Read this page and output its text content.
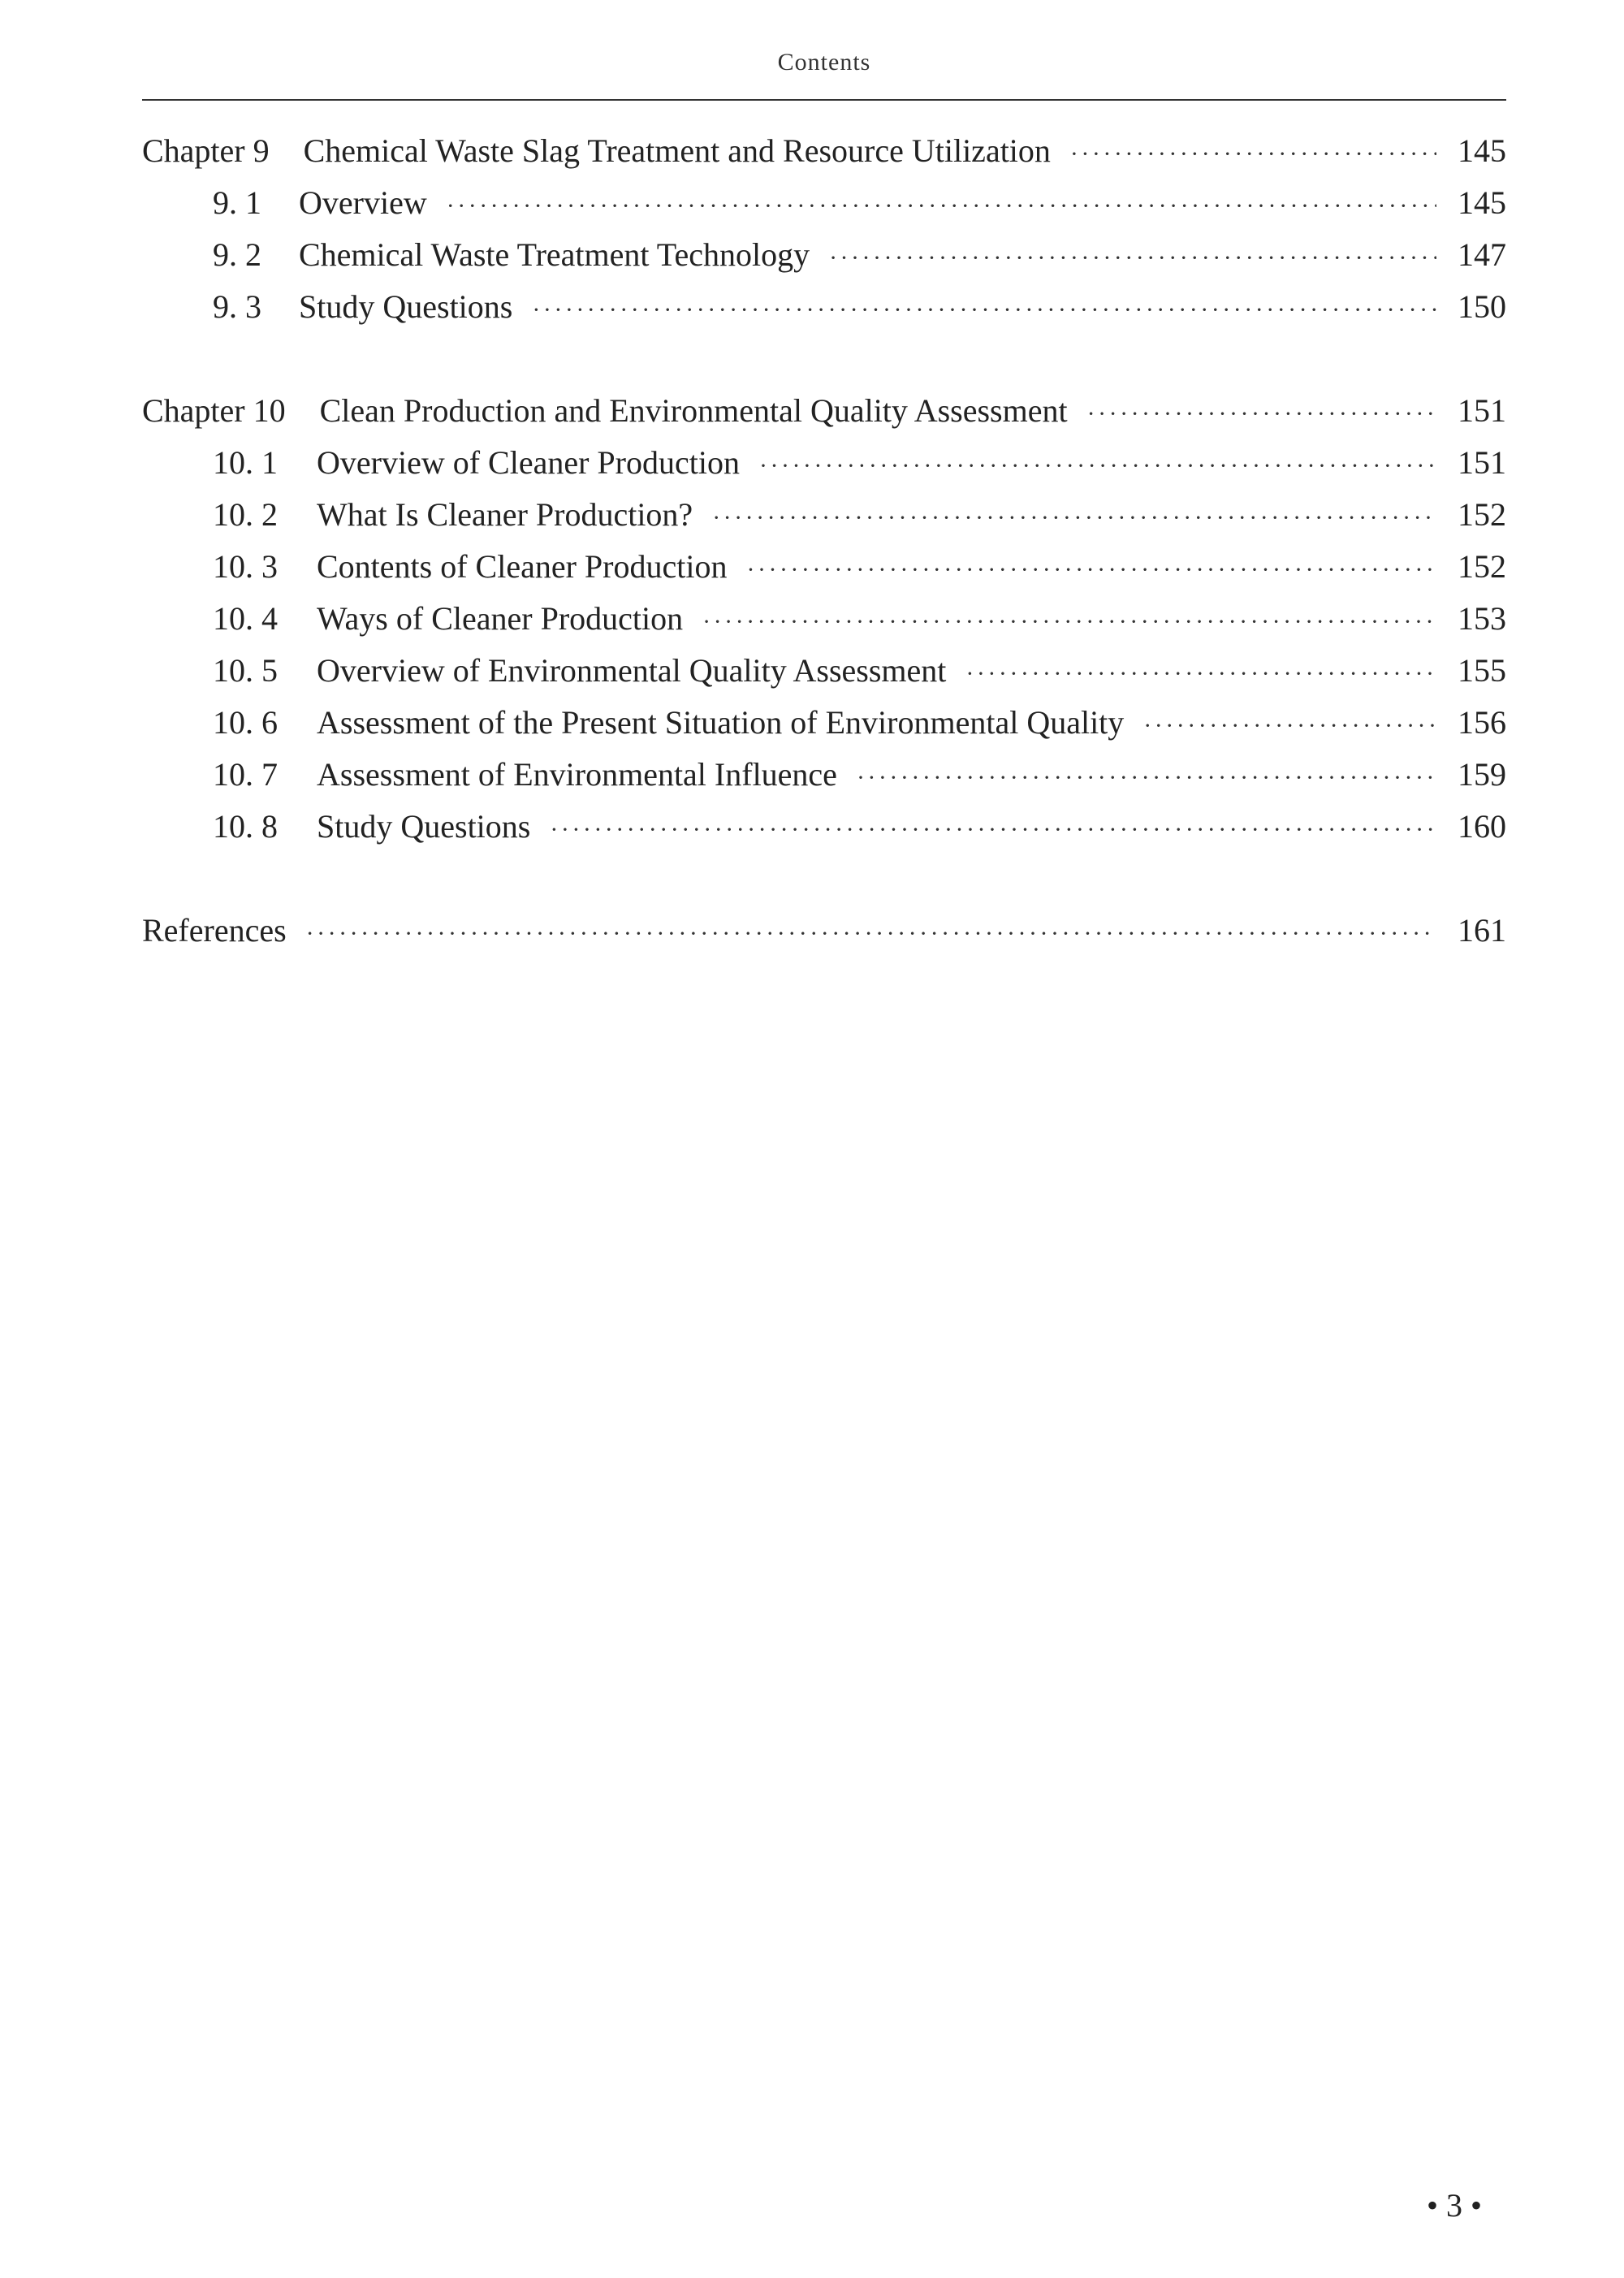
Contents
Chapter 9 Chemical Waste Slag Treatment and Resource Utilization · · ·	145
9. 1	Overview · · ·	145
9. 2	Chemical Waste Treatment Technology · · ·	147
9. 3	Study Questions · · ·	150
Chapter 10 Clean Production and Environmental Quality Assessment · · ·	151
10. 1	Overview of Cleaner Production · · ·	151
10. 2	What Is Cleaner Production? · · ·	152
10. 3	Contents of Cleaner Production · · ·	152
10. 4	Ways of Cleaner Production · · ·	153
10. 5	Overview of Environmental Quality Assessment · · ·	155
10. 6	Assessment of the Present Situation of Environmental Quality · · ·	156
10. 7	Assessment of Environmental Influence · · ·	159
10. 8	Study Questions · · ·	160
References · · ·	161
• 3 •
